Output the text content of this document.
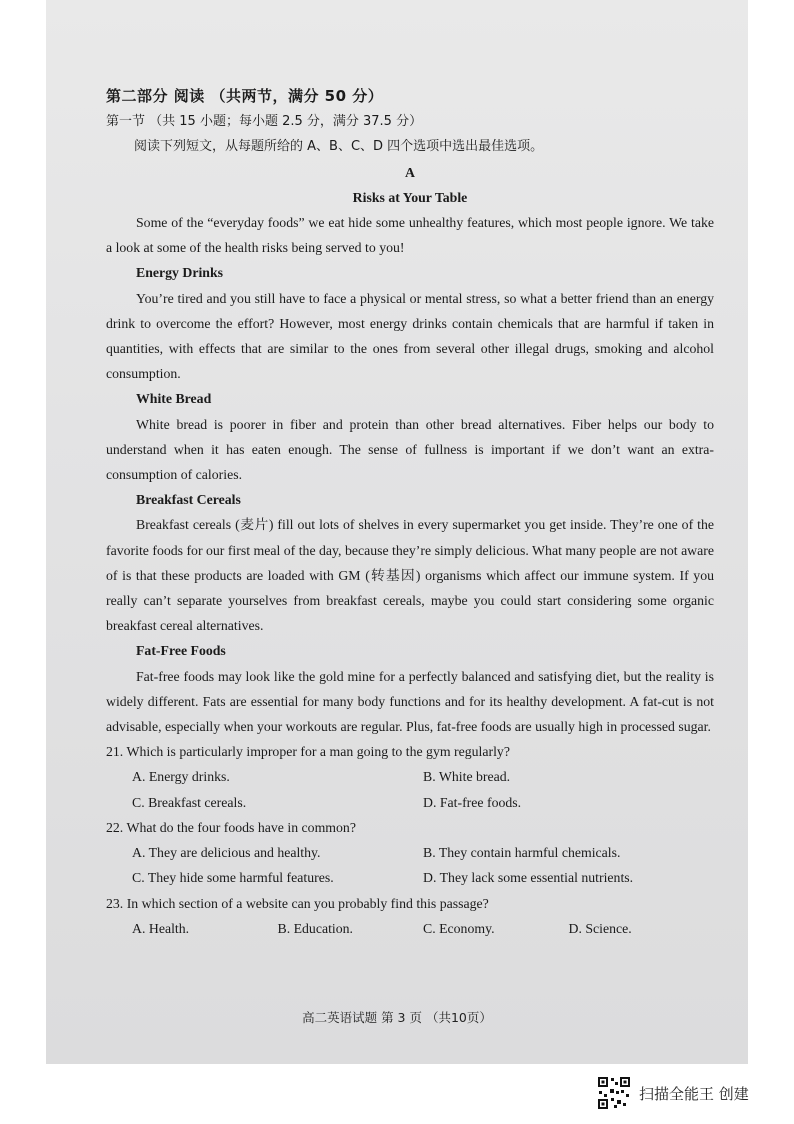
第二部分 阅读 （共两节，满分 50 分）

第一节 （共 15 小题；每小题 2.5 分，满分 37.5 分）

阅读下列短文，从每题所给的 A、B、C、D 四个选项中选出最佳选项。

A

Risks at Your Table

Some of the “everyday foods” we eat hide some unhealthy features, which most people ignore. We take a look at some of the health risks being served to you!

Energy Drinks

You’re tired and you still have to face a physical or mental stress, so what a better friend than an energy drink to overcome the effort? However, most energy drinks contain chemicals that are harmful if taken in quantities, with effects that are similar to the ones from several other illegal drugs, smoking and alcohol consumption.

White Bread

White bread is poorer in fiber and protein than other bread alternatives. Fiber helps our body to understand when it has eaten enough. The sense of fullness is important if we don’t want an extra-consumption of calories.

Breakfast Cereals

Breakfast cereals (麦片) fill out lots of shelves in every supermarket you get inside. They’re one of the favorite foods for our first meal of the day, because they’re simply delicious. What many people are not aware of is that these products are loaded with GM (转基因) organisms which affect our immune system. If you really can’t separate yourselves from breakfast cereals, maybe you could start considering some organic breakfast cereal alternatives.

Fat-Free Foods

Fat-free foods may look like the gold mine for a perfectly balanced and satisfying diet, but the reality is widely different. Fats are essential for many body functions and for its healthy development. A fat-cut is not advisable, especially when your workouts are regular. Plus, fat-free foods are usually high in processed sugar.

21. Which is particularly improper for a man going to the gym regularly?

A. Energy drinks.	B. White bread.
C. Breakfast cereals.	D. Fat-free foods.

22. What do the four foods have in common?

A. They are delicious and healthy.	B. They contain harmful chemicals.
C. They hide some harmful features.	D. They lack some essential nutrients.

23. In which section of a website can you probably find this passage?

A. Health.	B. Education.	C. Economy.	D. Science.
高二英语试题 第 3 页 （共10页）
扫描全能王 创建
